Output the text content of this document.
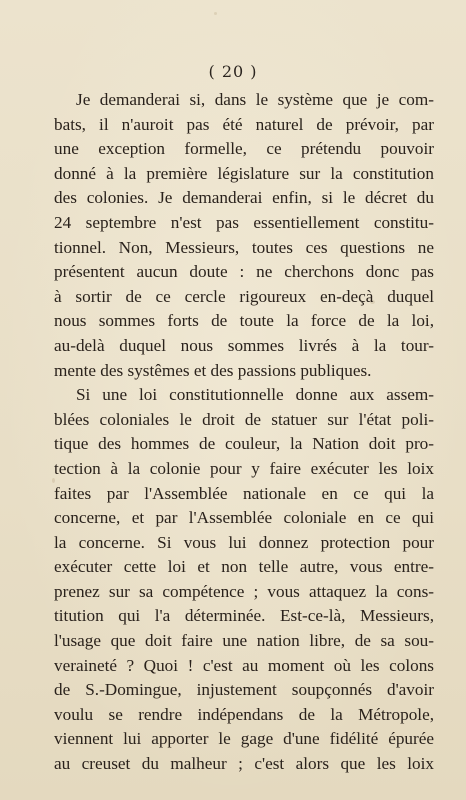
( 20 )
Je demanderai si, dans le système que je com-
bats, il n'auroit pas été naturel de prévoir, par
une exception formelle, ce prétendu pouvoir
donné à la première législature sur la constitution
des colonies. Je demanderai enfin, si le décret du
24 septembre n'est pas essentiellement constitu-
tionnel. Non, Messieurs, toutes ces questions ne
présentent aucun doute : ne cherchons donc pas
à sortir de ce cercle rigoureux en-deçà duquel
nous sommes forts de toute la force de la loi,
au-delà duquel nous sommes livrés à la tour-
mente des systêmes et des passions publiques.
Si une loi constitutionnelle donne aux assem-
blées coloniales le droit de statuer sur l'état poli-
tique des hommes de couleur, la Nation doit pro-
tection à la colonie pour y faire exécuter les loix
faites par l'Assemblée nationale en ce qui la
concerne, et par l'Assemblée coloniale en ce qui
la concerne. Si vous lui donnez protection pour
exécuter cette loi et non telle autre, vous entre-
prenez sur sa compétence ; vous attaquez la cons-
titution qui l'a déterminée. Est-ce-là, Messieurs,
l'usage que doit faire une nation libre, de sa sou-
veraineté ? Quoi ! c'est au moment où les colons
de S.-Domingue, injustement soupçonnés d'avoir
voulu se rendre indépendans de la Métropole,
viennent lui apporter le gage d'une fidélité épurée
au creuset du malheur ; c'est alors que les loix
